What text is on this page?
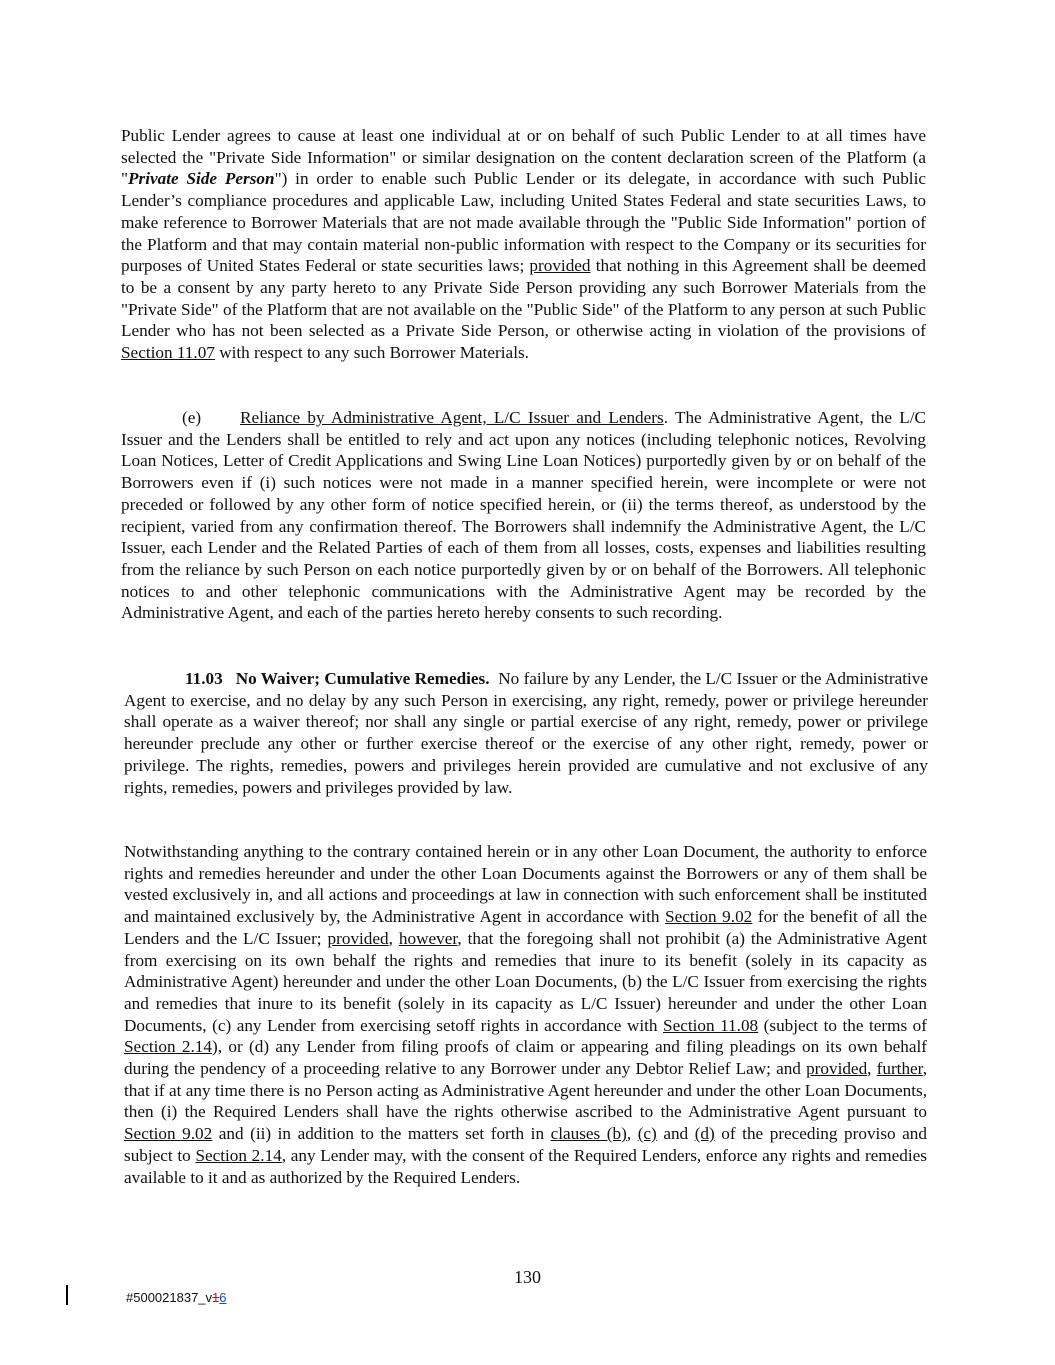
Public Lender agrees to cause at least one individual at or on behalf of such Public Lender to at all times have selected the "Private Side Information" or similar designation on the content declaration screen of the Platform (a "Private Side Person") in order to enable such Public Lender or its delegate, in accordance with such Public Lender’s compliance procedures and applicable Law, including United States Federal and state securities Laws, to make reference to Borrower Materials that are not made available through the "Public Side Information" portion of the Platform and that may contain material non-public information with respect to the Company or its securities for purposes of United States Federal or state securities laws; provided that nothing in this Agreement shall be deemed to be a consent by any party hereto to any Private Side Person providing any such Borrower Materials from the "Private Side" of the Platform that are not available on the "Public Side" of the Platform to any person at such Public Lender who has not been selected as a Private Side Person, or otherwise acting in violation of the provisions of Section 11.07 with respect to any such Borrower Materials.

(e) Reliance by Administrative Agent, L/C Issuer and Lenders. The Administrative Agent, the L/C Issuer and the Lenders shall be entitled to rely and act upon any notices (including telephonic notices, Revolving Loan Notices, Letter of Credit Applications and Swing Line Loan Notices) purportedly given by or on behalf of the Borrowers even if (i) such notices were not made in a manner specified herein, were incomplete or were not preceded or followed by any other form of notice specified herein, or (ii) the terms thereof, as understood by the recipient, varied from any confirmation thereof. The Borrowers shall indemnify the Administrative Agent, the L/C Issuer, each Lender and the Related Parties of each of them from all losses, costs, expenses and liabilities resulting from the reliance by such Person on each notice purportedly given by or on behalf of the Borrowers. All telephonic notices to and other telephonic communications with the Administrative Agent may be recorded by the Administrative Agent, and each of the parties hereto hereby consents to such recording.

11.03 No Waiver; Cumulative Remedies. No failure by any Lender, the L/C Issuer or the Administrative Agent to exercise, and no delay by any such Person in exercising, any right, remedy, power or privilege hereunder shall operate as a waiver thereof; nor shall any single or partial exercise of any right, remedy, power or privilege hereunder preclude any other or further exercise thereof or the exercise of any other right, remedy, power or privilege. The rights, remedies, powers and privileges herein provided are cumulative and not exclusive of any rights, remedies, powers and privileges provided by law.

Notwithstanding anything to the contrary contained herein or in any other Loan Document, the authority to enforce rights and remedies hereunder and under the other Loan Documents against the Borrowers or any of them shall be vested exclusively in, and all actions and proceedings at law in connection with such enforcement shall be instituted and maintained exclusively by, the Administrative Agent in accordance with Section 9.02 for the benefit of all the Lenders and the L/C Issuer; provided, however, that the foregoing shall not prohibit (a) the Administrative Agent from exercising on its own behalf the rights and remedies that inure to its benefit (solely in its capacity as Administrative Agent) hereunder and under the other Loan Documents, (b) the L/C Issuer from exercising the rights and remedies that inure to its benefit (solely in its capacity as L/C Issuer) hereunder and under the other Loan Documents, (c) any Lender from exercising setoff rights in accordance with Section 11.08 (subject to the terms of Section 2.14), or (d) any Lender from filing proofs of claim or appearing and filing pleadings on its own behalf during the pendency of a proceeding relative to any Borrower under any Debtor Relief Law; and provided, further, that if at any time there is no Person acting as Administrative Agent hereunder and under the other Loan Documents, then (i) the Required Lenders shall have the rights otherwise ascribed to the Administrative Agent pursuant to Section 9.02 and (ii) in addition to the matters set forth in clauses (b), (c) and (d) of the preceding proviso and subject to Section 2.14, any Lender may, with the consent of the Required Lenders, enforce any rights and remedies available to it and as authorized by the Required Lenders.

130
#500021837_v16
